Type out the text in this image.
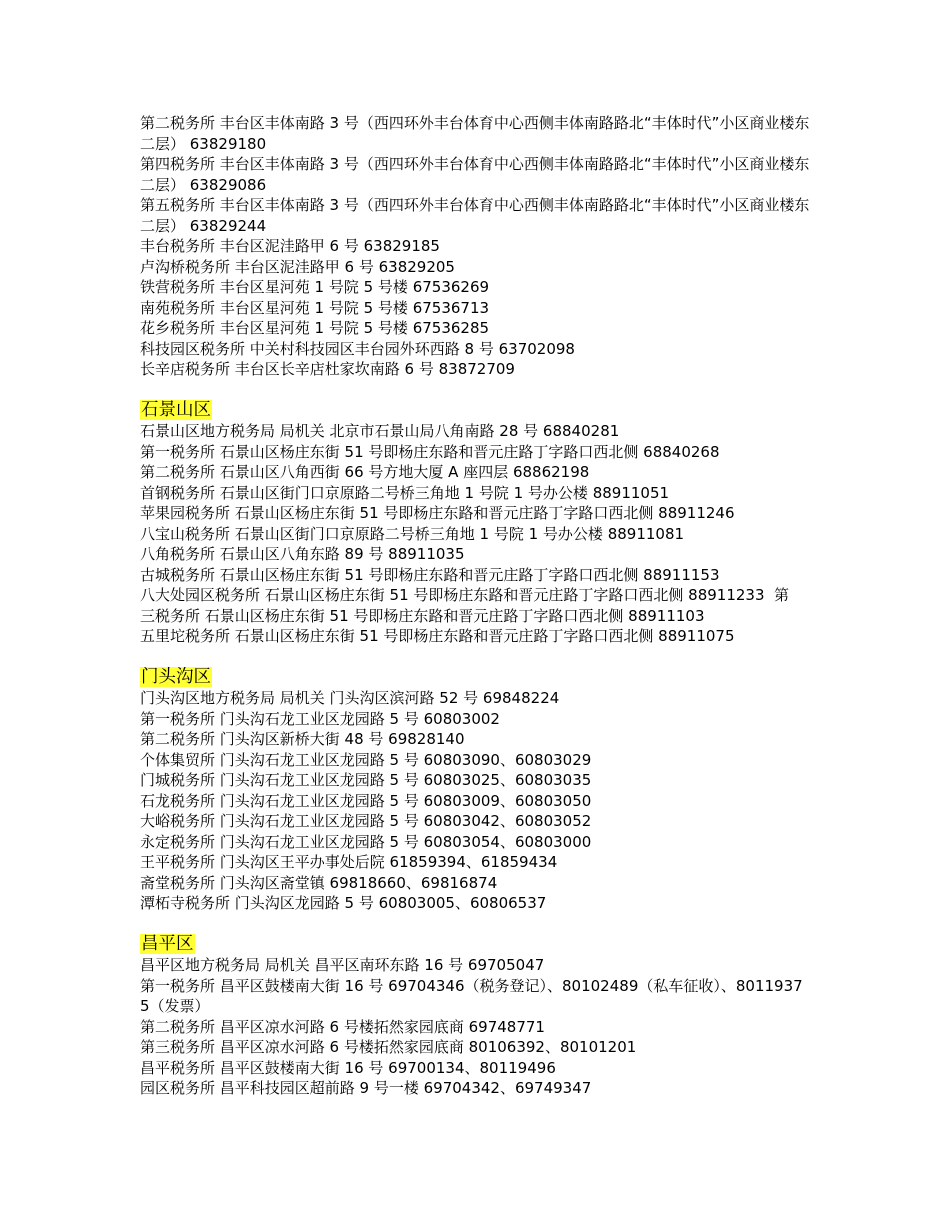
第二税务所 丰台区丰体南路 3 号（西四环外丰台体育中心西侧丰体南路路北“丰体时代”小区商业楼东二层） 63829180
第四税务所 丰台区丰体南路 3 号（西四环外丰台体育中心西侧丰体南路路北“丰体时代”小区商业楼东二层） 63829086
第五税务所 丰台区丰体南路 3 号（西四环外丰台体育中心西侧丰体南路路北“丰体时代”小区商业楼东二层） 63829244
丰台税务所 丰台区泥洼路甲 6 号 63829185
卢沟桥税务所 丰台区泥洼路甲 6 号 63829205
铁营税务所 丰台区星河苑 1 号院 5 号楼 67536269
南苑税务所 丰台区星河苑 1 号院 5 号楼 67536713
花乡税务所 丰台区星河苑 1 号院 5 号楼 67536285
科技园区税务所 中关村科技园区丰台园外环西路 8 号 63702098
长辛店税务所 丰台区长辛店杜家坎南路 6 号 83872709
石景山区
石景山区地方税务局 局机关 北京市石景山局八角南路 28 号 68840281
第一税务所 石景山区杨庄东街 51 号即杨庄东路和晋元庄路丁字路口西北侧 68840268
第二税务所 石景山区八角西街 66 号方地大厦 A 座四层 68862198
首钢税务所 石景山区街门口京原路二号桥三角地 1 号院 1 号办公楼 88911051
苹果园税务所 石景山区杨庄东街 51 号即杨庄东路和晋元庄路丁字路口西北侧 88911246
八宝山税务所 石景山区街门口京原路二号桥三角地 1 号院 1 号办公楼 88911081
八角税务所 石景山区八角东路 89 号 88911035
古城税务所 石景山区杨庄东街 51 号即杨庄东路和晋元庄路丁字路口西北侧 88911153
八大处园区税务所 石景山区杨庄东街 51 号即杨庄东路和晋元庄路丁字路口西北侧 88911233  第
三税务所 石景山区杨庄东街 51 号即杨庄东路和晋元庄路丁字路口西北侧 88911103
五里坨税务所 石景山区杨庄东街 51 号即杨庄东路和晋元庄路丁字路口西北侧 88911075
门头沟区
门头沟区地方税务局 局机关 门头沟区滨河路 52 号 69848224
第一税务所 门头沟石龙工业区龙园路 5 号 60803002
第二税务所 门头沟区新桥大街 48 号 69828140
个体集贸所 门头沟石龙工业区龙园路 5 号 60803090、60803029
门城税务所 门头沟石龙工业区龙园路 5 号 60803025、60803035
石龙税务所 门头沟石龙工业区龙园路 5 号 60803009、60803050
大峪税务所 门头沟石龙工业区龙园路 5 号 60803042、60803052
永定税务所 门头沟石龙工业区龙园路 5 号 60803054、60803000
王平税务所 门头沟区王平办事处后院 61859394、61859434
斋堂税务所 门头沟区斋堂镇 69818660、69816874
潭柘寺税务所 门头沟区龙园路 5 号 60803005、60806537
昌平区
昌平区地方税务局 局机关 昌平区南环东路 16 号 69705047
第一税务所 昌平区鼓楼南大街 16 号 69704346（税务登记）、80102489（私车征收）、80119375（发票）
第二税务所 昌平区凉水河路 6 号楼拓然家园底商 69748771
第三税务所 昌平区凉水河路 6 号楼拓然家园底商 80106392、80101201
昌平税务所 昌平区鼓楼南大街 16 号 69700134、80119496
园区税务所 昌平科技园区超前路 9 号一楼 69704342、69749347
